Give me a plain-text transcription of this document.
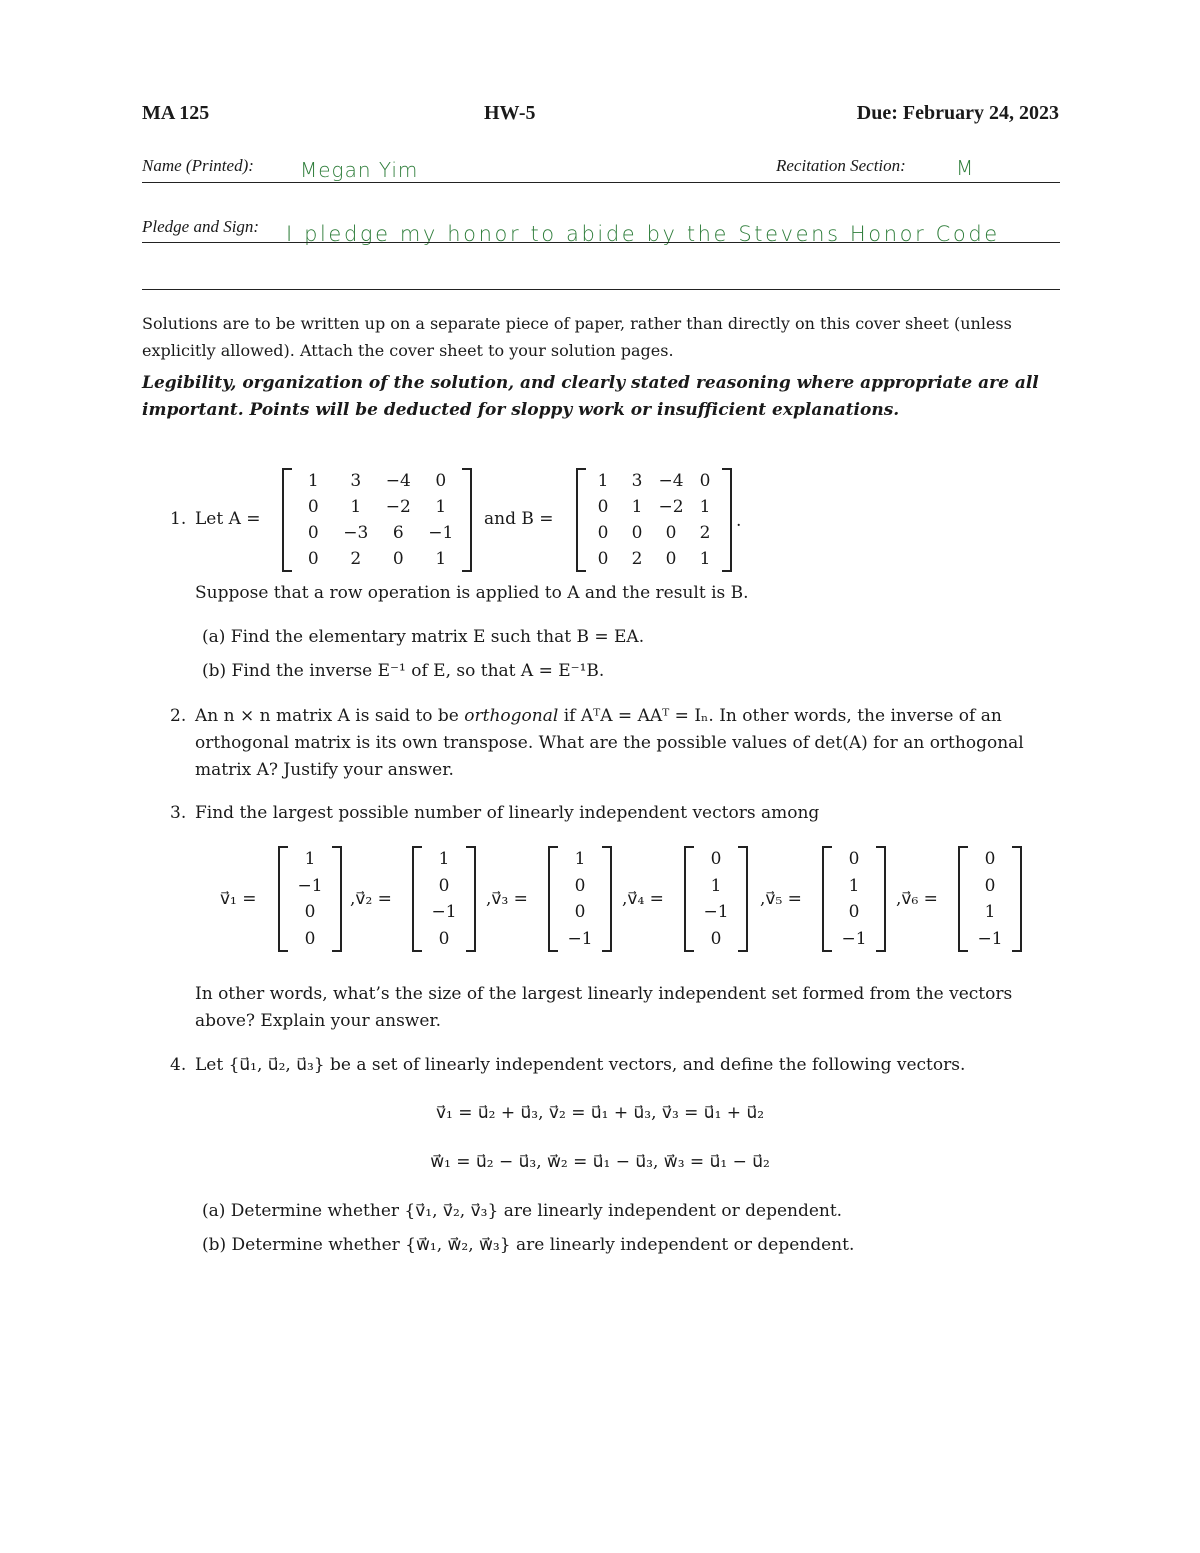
MA 125	HW-5	Due: February 24, 2023
Name (Printed): Megan Yim	Recitation Section:	M
Pledge and Sign: I pledge my honor to abide by the Stevens Honor Code
Solutions are to be written up on a separate piece of paper, rather than directly on this cover sheet (unless explicitly allowed). Attach the cover sheet to your solution pages.
Legibility, organization of the solution, and clearly stated reasoning where appropriate are all important. Points will be deducted for sloppy work or insufficient explanations.
1. Let A =
1	3	−4	0
0	1	−2	1
0	−3	6	−1
0	2	0	1
and B =
1	3 −4 0
0	1 −2 1
0	0	0	2
0	2	0	1
.
Suppose that a row operation is applied to A and the result is B.
(a) Find the elementary matrix E such that B = EA.
(b) Find the inverse E⁻¹ of E, so that A = E⁻¹B.
2. An n × n matrix A is said to be orthogonal if AᵀA = AAᵀ = Iₙ. In other words, the inverse of an orthogonal matrix is its own transpose. What are the possible values of det(A) for an orthogonal matrix A? Justify your answer.
3. Find the largest possible number of linearly independent vectors among
v⃗₁ =
1
−1
0
0
,v⃗₂ =
1
0
−1
0
,v⃗₃ =
1
0
0
−1
,v⃗₄ =
0
1
−1
0
,v⃗₅ =
0
1
0
−1
,v⃗₆ =
0
0
1
−1
In other words, what’s the size of the largest linearly independent set formed from the vectors above? Explain your answer.
4. Let {u⃗₁, u⃗₂, u⃗₃} be a set of linearly independent vectors, and define the following vectors.
v⃗₁ = u⃗₂ + u⃗₃, v⃗₂ = u⃗₁ + u⃗₃, v⃗₃ = u⃗₁ + u⃗₂
w⃗₁ = u⃗₂ − u⃗₃, w⃗₂ = u⃗₁ − u⃗₃, w⃗₃ = u⃗₁ − u⃗₂
(a) Determine whether {v⃗₁, v⃗₂, v⃗₃} are linearly independent or dependent.
(b) Determine whether {w⃗₁, w⃗₂, w⃗₃} are linearly independent or dependent.
